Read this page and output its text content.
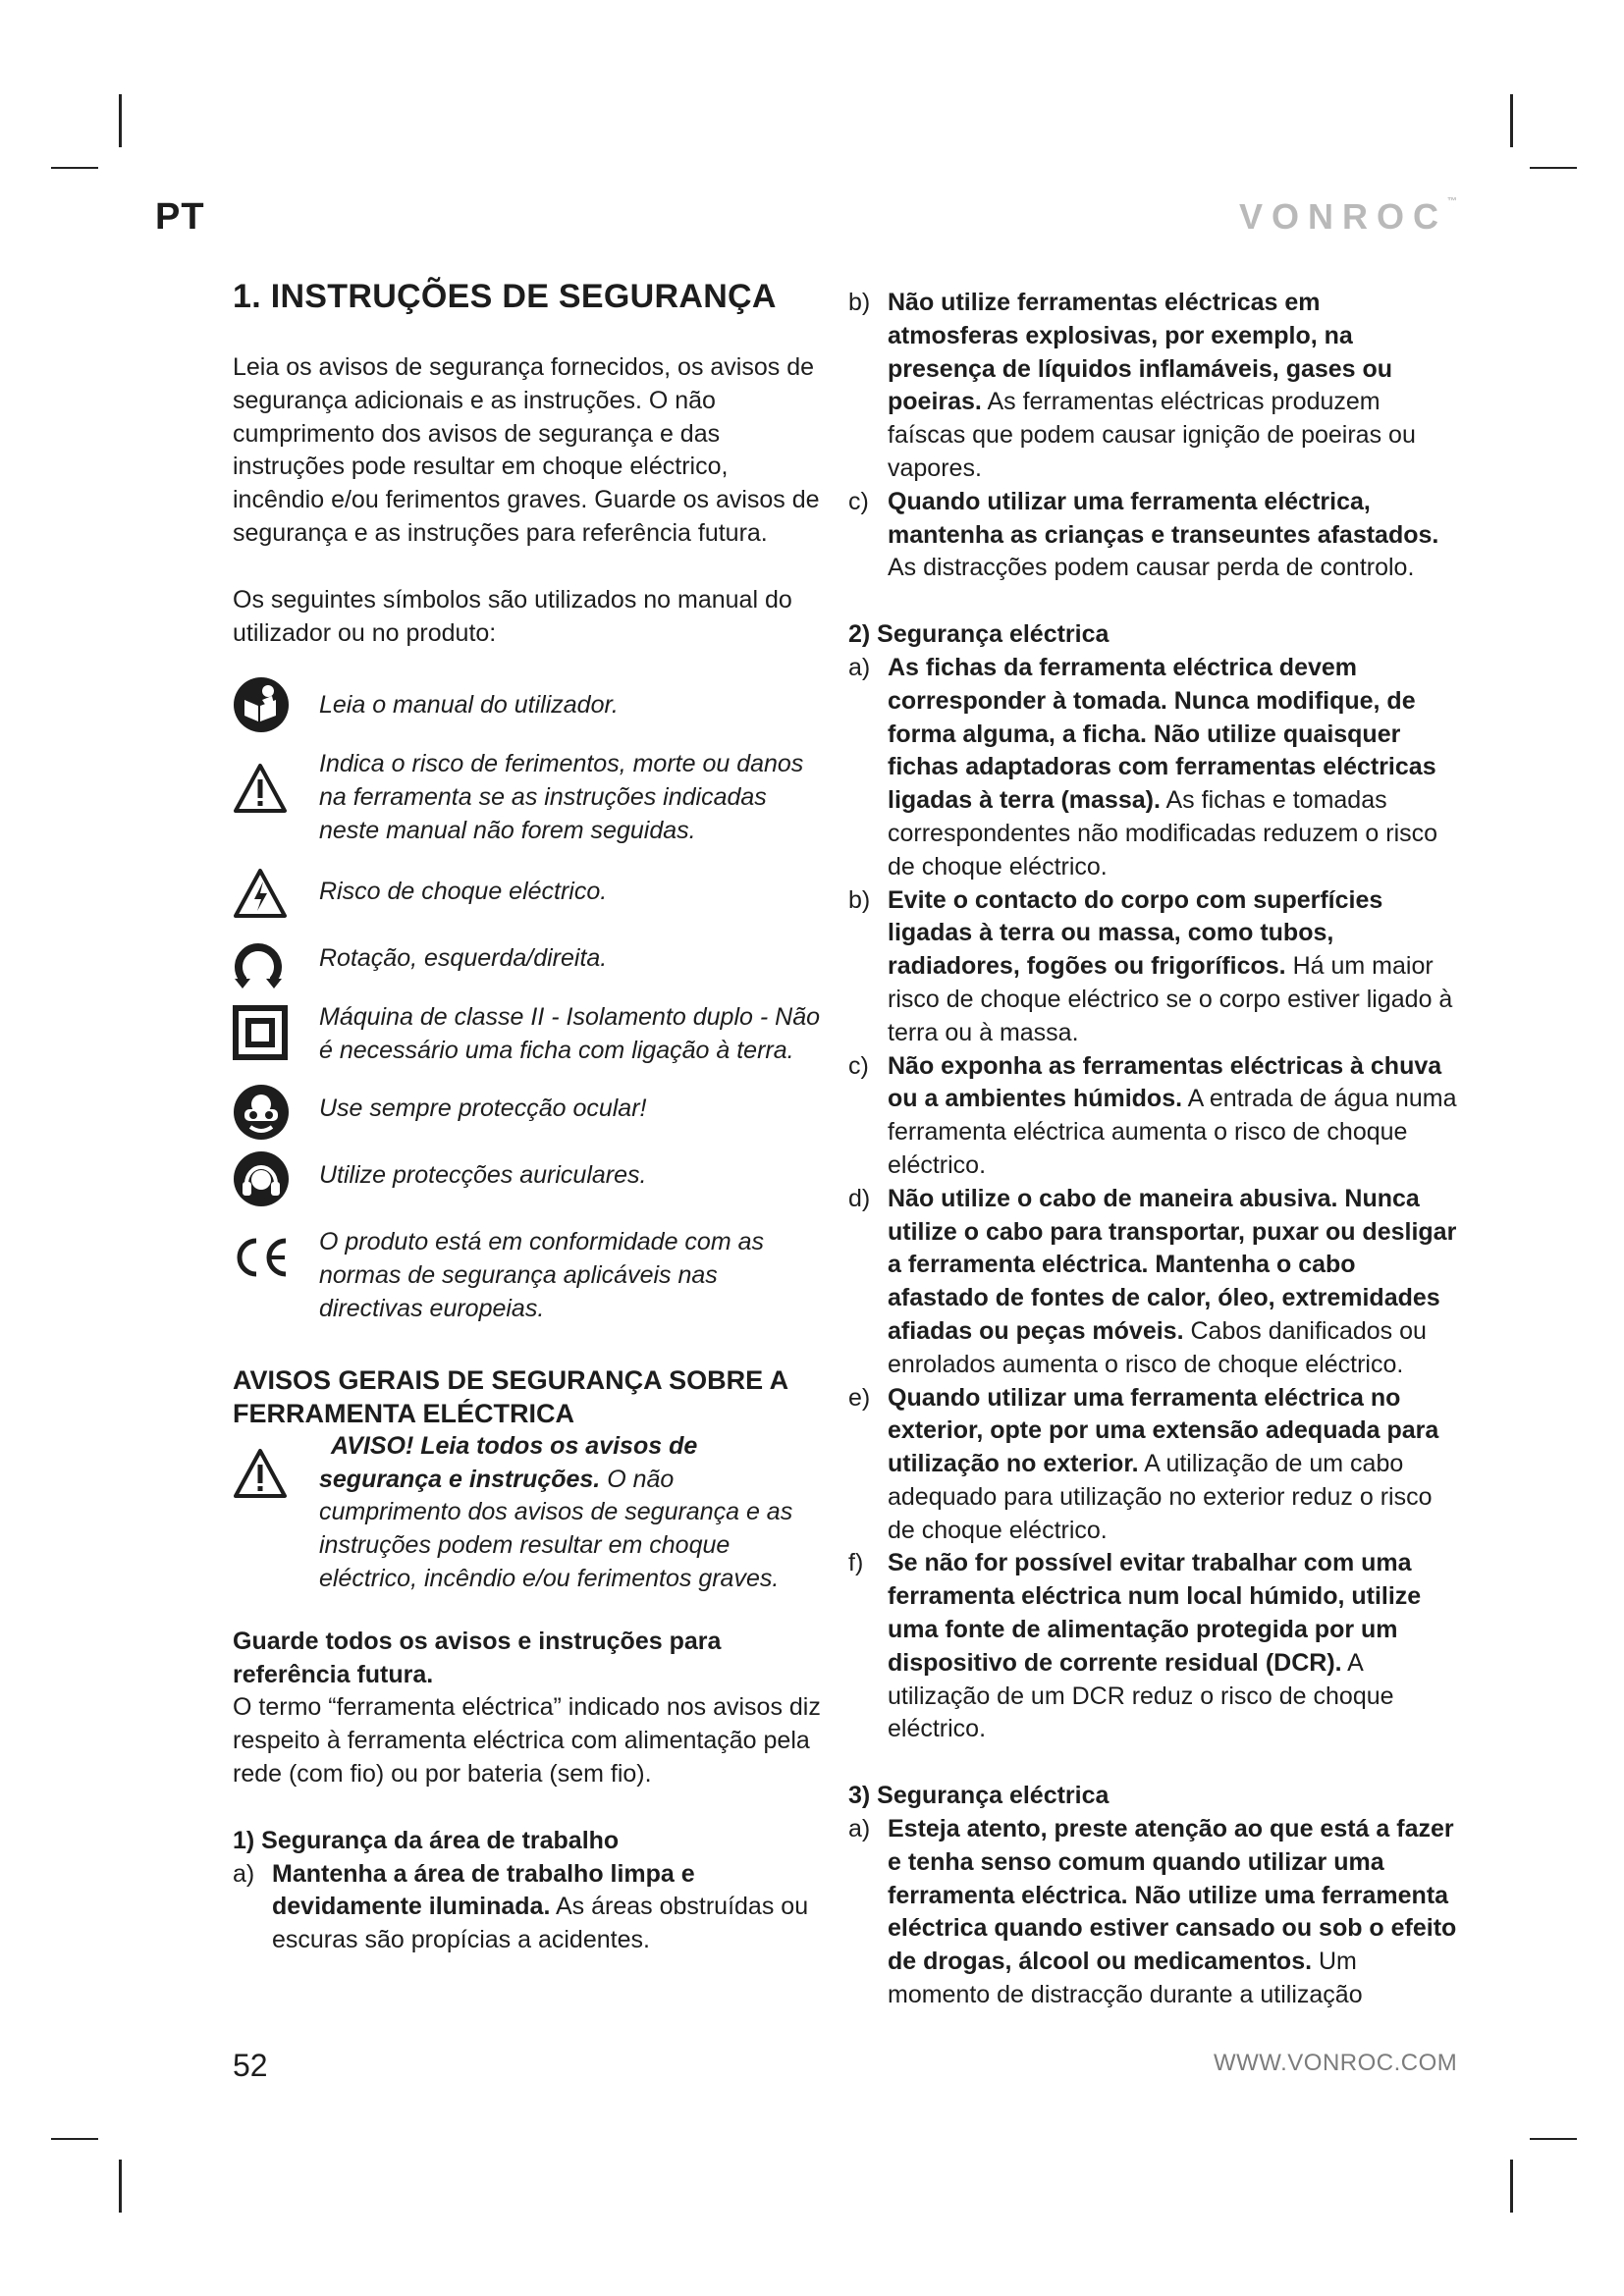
PT	VONROC™
1. INSTRUÇÕES DE SEGURANÇA

Leia os avisos de segurança fornecidos, os avisos de segurança adicionais e as instruções. O não cumprimento dos avisos de segurança e das instruções pode resultar em choque eléctrico, incêndio e/ou ferimentos graves. Guarde os avisos de segurança e as instruções para referência futura.

Os seguintes símbolos são utilizados no manual do utilizador ou no produto:

Leia o manual do utilizador.
Indica o risco de ferimentos, morte ou danos na ferramenta se as instruções indicadas neste manual não forem seguidas.
Risco de choque eléctrico.
Rotação, esquerda/direita.
Máquina de classe II - Isolamento duplo - Não é necessário uma ficha com ligação à terra.
Use sempre protecção ocular!
Utilize protecções auriculares.
O produto está em conformidade com as normas de segurança aplicáveis nas directivas europeias.
AVISOS GERAIS DE SEGURANÇA SOBRE A FERRAMENTA ELÉCTRICA
AVISO! Leia todos os avisos de segurança e instruções. O não cumprimento dos avisos de segurança e as instruções podem resultar em choque eléctrico, incêndio e/ou ferimentos graves.

Guarde todos os avisos e instruções para referência futura.

O termo “ferramenta eléctrica” indicado nos avisos diz respeito à ferramenta eléctrica com alimentação pela rede (com fio) ou por bateria (sem fio).

1) Segurança da área de trabalho

a) Mantenha a área de trabalho limpa e devidamente iluminada. As áreas obstruídas ou escuras são propícias a acidentes.
b) Não utilize ferramentas eléctricas em atmosferas explosivas, por exemplo, na presença de líquidos inflamáveis, gases ou poeiras. As ferramentas eléctricas produzem faíscas que podem causar ignição de poeiras ou vapores.
c) Quando utilizar uma ferramenta eléctrica, mantenha as crianças e transeuntes afastados. As distracções podem causar perda de controlo.

2) Segurança eléctrica

a) As fichas da ferramenta eléctrica devem corresponder à tomada. Nunca modifique, de forma alguma, a ficha. Não utilize quaisquer fichas adaptadoras com ferramentas eléctricas ligadas à terra (massa). As fichas e tomadas correspondentes não modificadas reduzem o risco de choque eléctrico.
b) Evite o contacto do corpo com superfícies ligadas à terra ou massa, como tubos, radiadores, fogões ou frigoríficos. Há um maior risco de choque eléctrico se o corpo estiver ligado à terra ou à massa.
c) Não exponha as ferramentas eléctricas à chuva ou a ambientes húmidos. A entrada de água numa ferramenta eléctrica aumenta o risco de choque eléctrico.
d) Não utilize o cabo de maneira abusiva. Nunca utilize o cabo para transportar, puxar ou desligar a ferramenta eléctrica. Mantenha o cabo afastado de fontes de calor, óleo, extremidades afiadas ou peças móveis. Cabos danificados ou enrolados aumenta o risco de choque eléctrico.
e) Quando utilizar uma ferramenta eléctrica no exterior, opte por uma extensão adequada para utilização no exterior. A utilização de um cabo adequado para utilização no exterior reduz o risco de choque eléctrico.
f) Se não for possível evitar trabalhar com uma ferramenta eléctrica num local húmido, utilize uma fonte de alimentação protegida por um dispositivo de corrente residual (DCR). A utilização de um DCR reduz o risco de choque eléctrico.

3) Segurança eléctrica

a) Esteja atento, preste atenção ao que está a fazer e tenha senso comum quando utilizar uma ferramenta eléctrica. Não utilize uma ferramenta eléctrica quando estiver cansado ou sob o efeito de drogas, álcool ou medicamentos. Um momento de distracção durante a utilização
52	WWW.VONROC.COM
